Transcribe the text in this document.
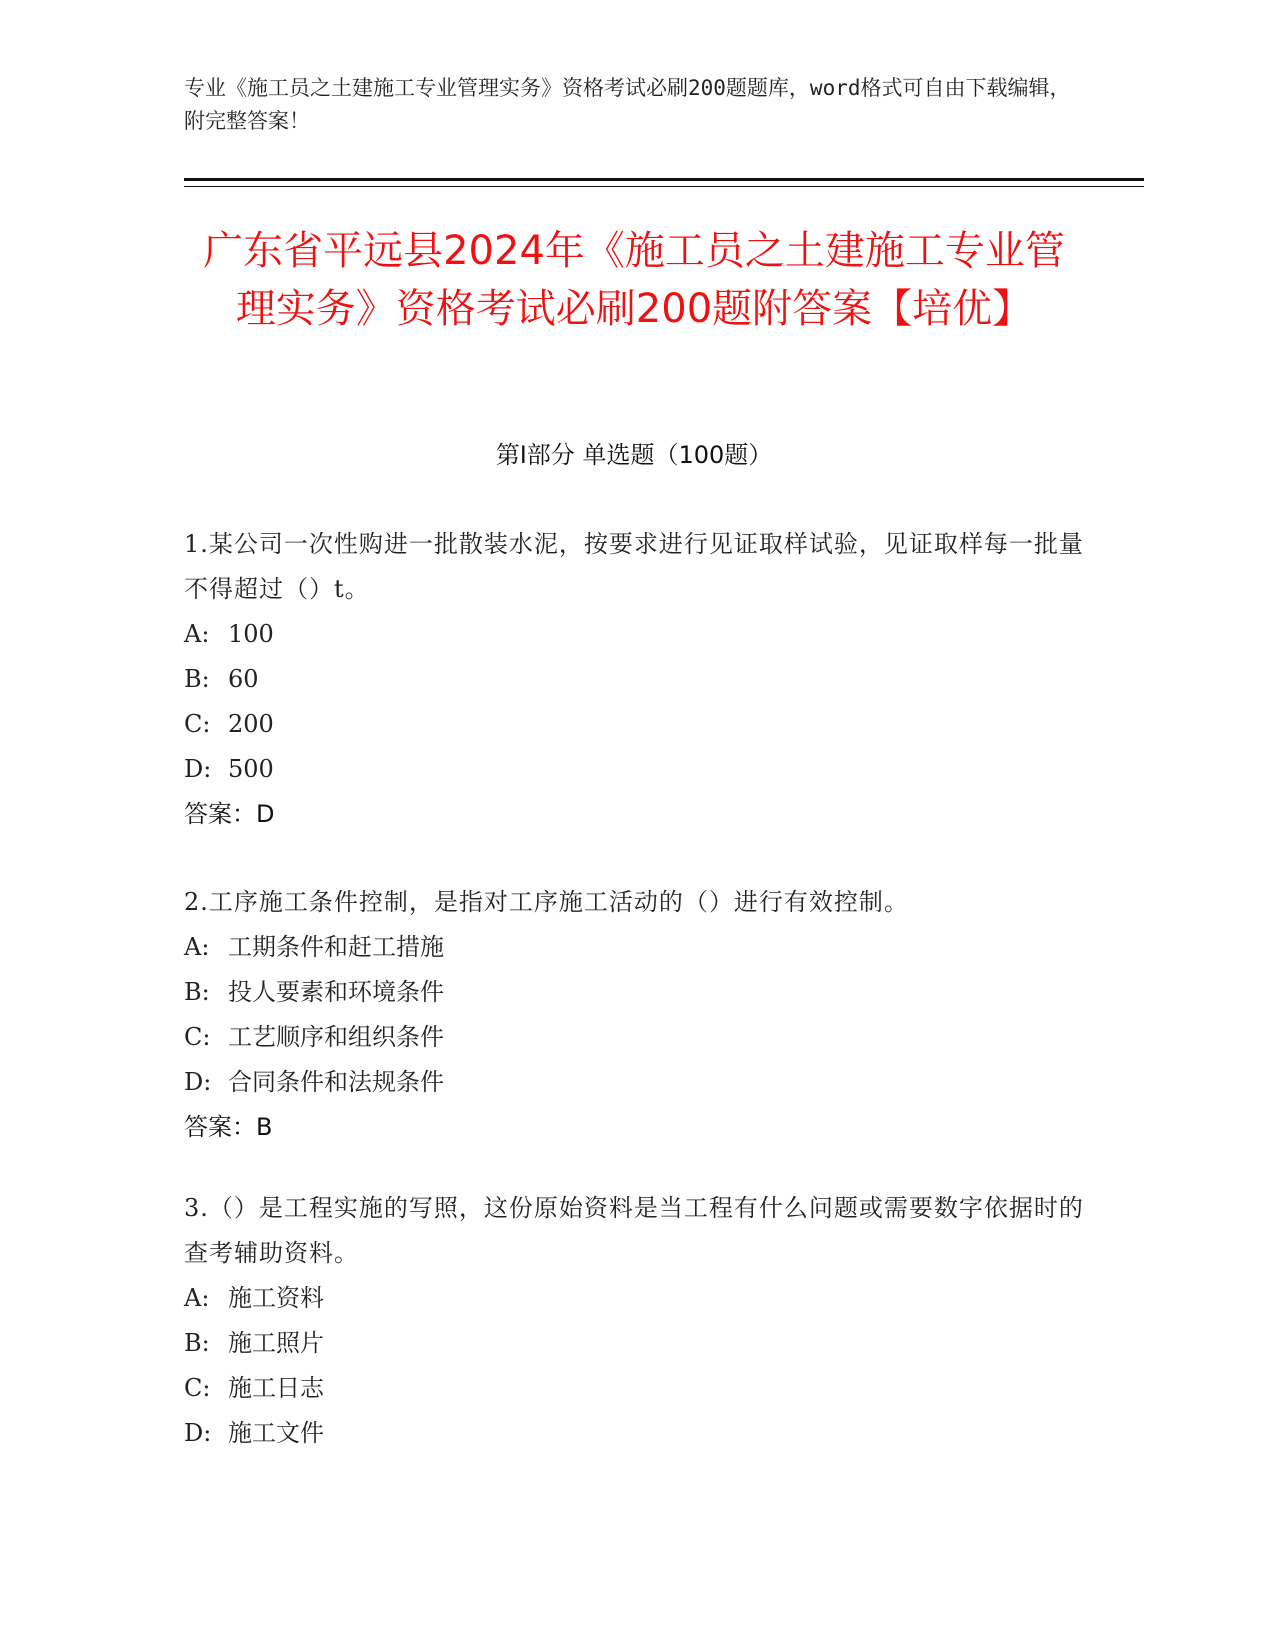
专业《施工员之土建施工专业管理实务》资格考试必刷200题题库，word格式可自由下载编辑，附完整答案！
广东省平远县2024年《施工员之土建施工专业管理实务》资格考试必刷200题附答案【培优】
第Ⅰ部分 单选题（100题）
1.某公司一次性购进一批散装水泥，按要求进行见证取样试验，见证取样每一批量不得超过（）t。
A: 100
B: 60
C: 200
D: 500
答案：D
2.工序施工条件控制，是指对工序施工活动的（）进行有效控制。
A: 工期条件和赶工措施
B: 投人要素和环境条件
C: 工艺顺序和组织条件
D: 合同条件和法规条件
答案：B
3.（）是工程实施的写照，这份原始资料是当工程有什么问题或需要数字依据时的查考辅助资料。
A: 施工资料
B: 施工照片
C: 施工日志
D: 施工文件
